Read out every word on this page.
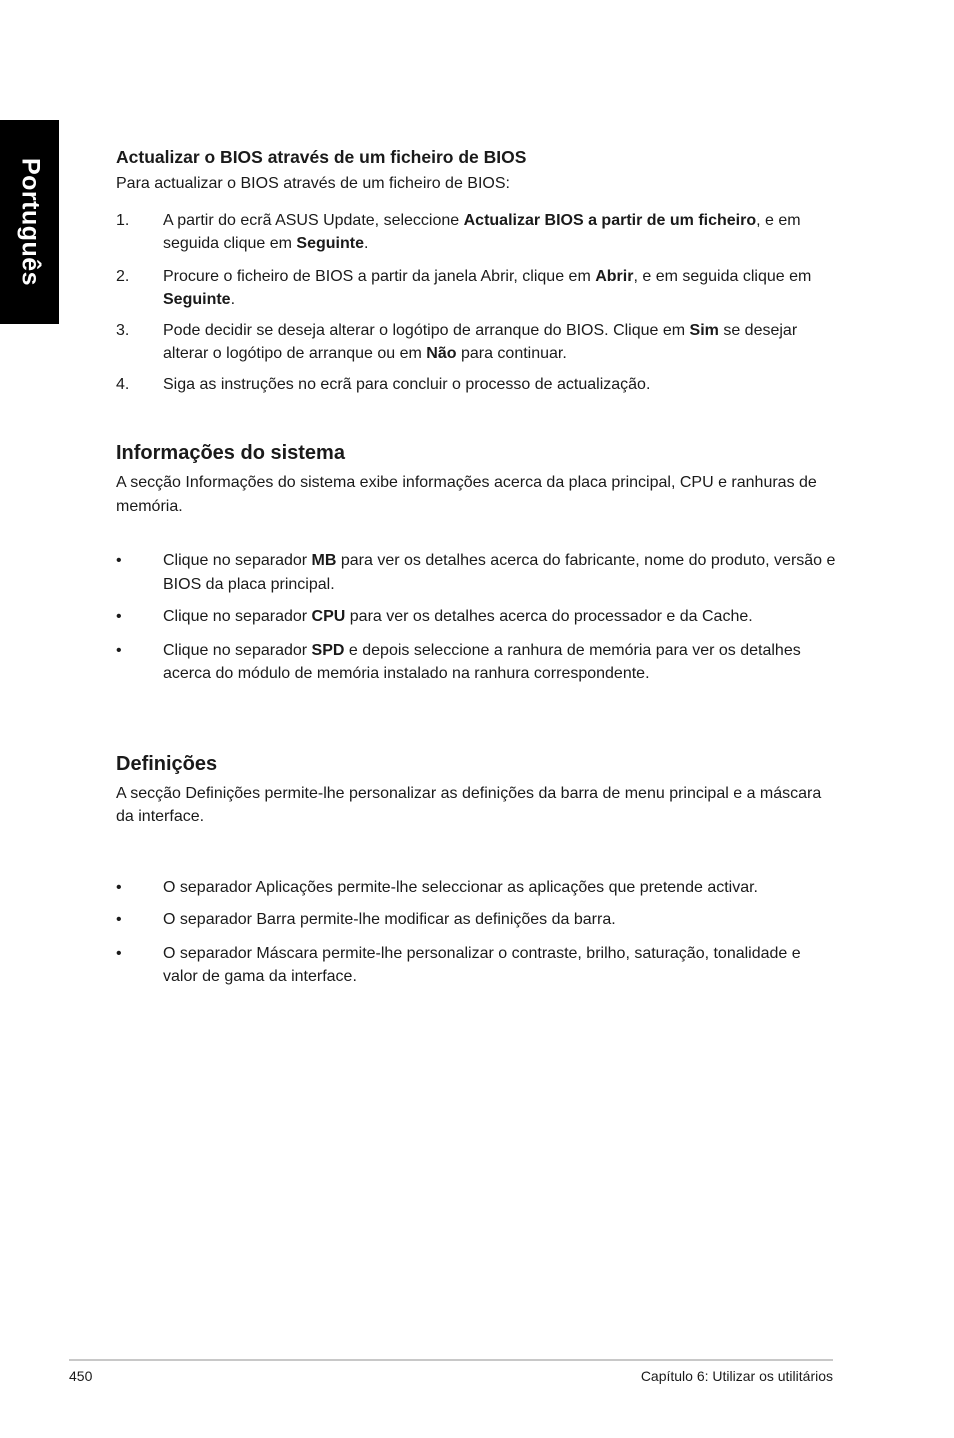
Português
Actualizar o BIOS através de um ficheiro de BIOS

Para actualizar o BIOS através de um ficheiro de BIOS:

1.	A partir do ecrã ASUS Update, seleccione Actualizar BIOS a partir de um ficheiro, e em seguida clique em Seguinte.
2.	Procure o ficheiro de BIOS a partir da janela Abrir, clique em Abrir, e em seguida clique em Seguinte.
3.	Pode decidir se deseja alterar o logótipo de arranque do BIOS. Clique em Sim se desejar alterar o logótipo de arranque ou em Não para continuar.
4.	Siga as instruções no ecrã para concluir o processo de actualização.
Informações do sistema

A secção Informações do sistema exibe informações acerca da placa principal, CPU e ranhuras de memória.

•	Clique no separador MB para ver os detalhes acerca do fabricante, nome do produto, versão e BIOS da placa principal.
•	Clique no separador CPU para ver os detalhes acerca do processador e da Cache.
•	Clique no separador SPD e depois seleccione a ranhura de memória para ver os detalhes acerca do módulo de memória instalado na ranhura correspondente.
Definições

A secção Definições permite-lhe personalizar as definições da barra de menu principal e a máscara da interface.

•	O separador Aplicações permite-lhe seleccionar as aplicações que pretende activar.
•	O separador Barra permite-lhe modificar as definições da barra.
•	O separador Máscara permite-lhe personalizar o contraste, brilho, saturação, tonalidade e valor de gama da interface.
450	Capítulo 6: Utilizar os utilitários
